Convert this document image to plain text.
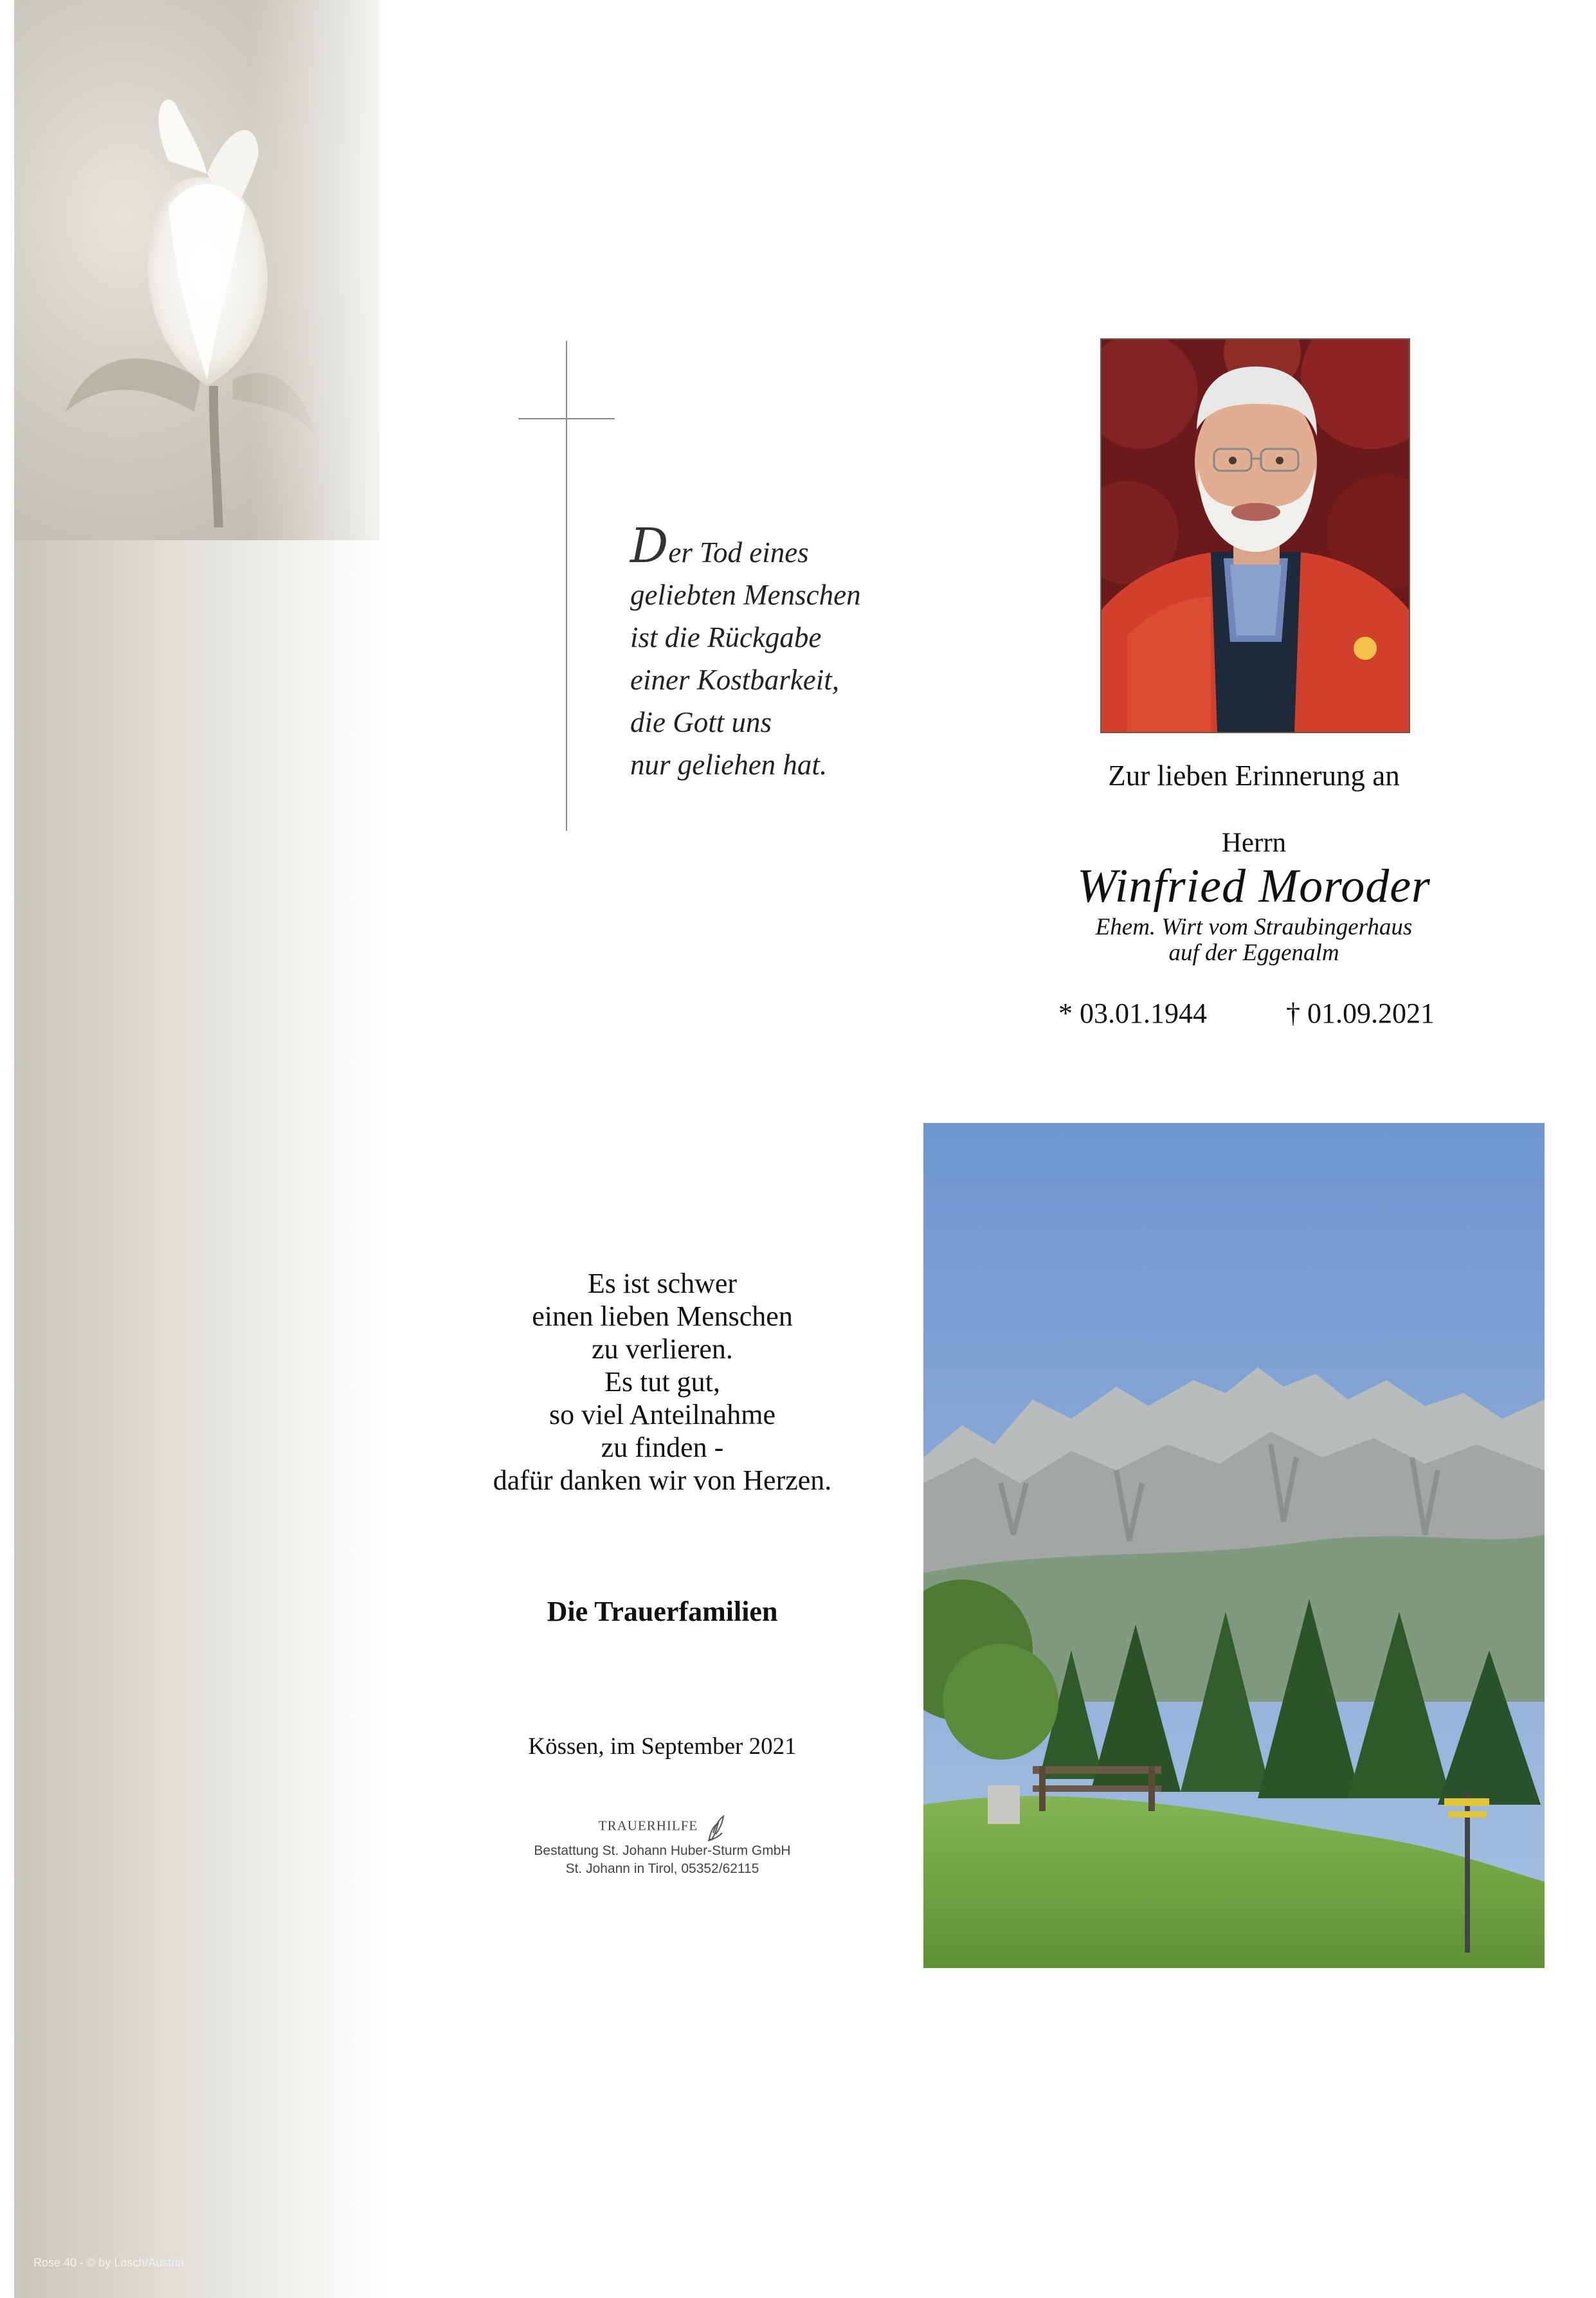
Rose 40 - © by Lösch/Austria
Der Tod eines
geliebten Menschen
ist die Rückgabe
einer Kostbarkeit,
die Gott uns
nur geliehen hat.	Zur lieben Erinnerung an
Herrn
Winfried Moroder
Ehem. Wirt vom Straubingerhaus
auf der Eggenalm
* 03.01.1944	† 01.09.2021
Es ist schwer
einen lieben Menschen
zu verlieren.
Es tut gut,
so viel Anteilnahme
zu finden -
dafür danken wir von Herzen.
Die Trauerfamilien
Kössen, im September 2021
TRAUERHILFE
Bestattung St. Johann Huber-Sturm GmbH
St. Johann in Tirol, 05352/62115
